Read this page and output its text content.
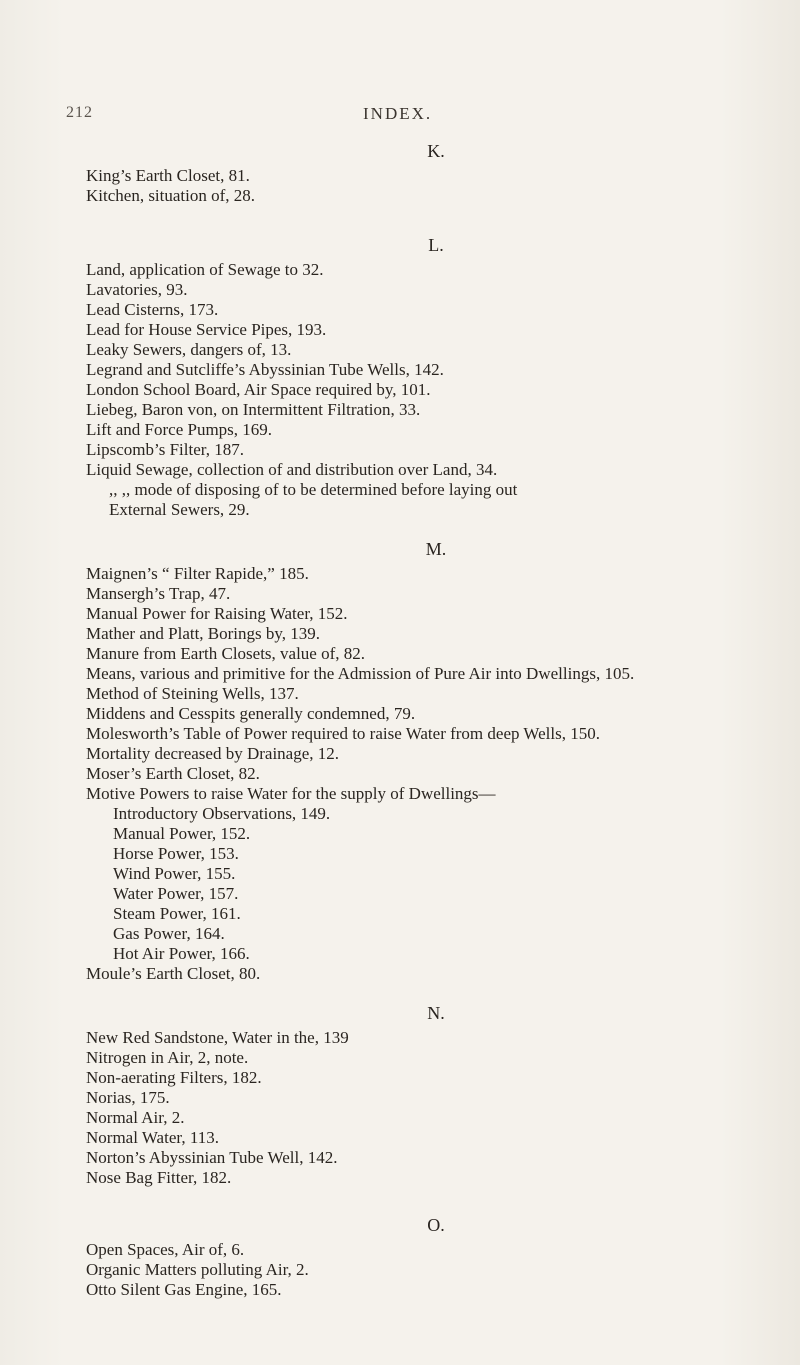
212	INDEX.
K.
King’s Earth Closet, 81.
Kitchen, situation of, 28.
L.
Land, application of Sewage to 32.
Lavatories, 93.
Lead Cisterns, 173.
Lead for House Service Pipes, 193.
Leaky Sewers, dangers of, 13.
Legrand and Sutcliffe’s Abyssinian Tube Wells, 142.
London School Board, Air Space required by, 101.
Liebeg, Baron von, on Intermittent Filtration, 33.
Lift and Force Pumps, 169.
Lipscomb’s Filter, 187.
Liquid Sewage, collection of and distribution over Land, 34.
,, ,, mode of disposing of to be determined before laying out
External Sewers, 29.
M.
Maignen’s “ Filter Rapide,” 185.
Mansergh’s Trap, 47.
Manual Power for Raising Water, 152.
Mather and Platt, Borings by, 139.
Manure from Earth Closets, value of, 82.
Means, various and primitive for the Admission of Pure Air into Dwellings, 105.
Method of Steining Wells, 137.
Middens and Cesspits generally condemned, 79.
Molesworth’s Table of Power required to raise Water from deep Wells, 150.
Mortality decreased by Drainage, 12.
Moser’s Earth Closet, 82.
Motive Powers to raise Water for the supply of Dwellings—
Introductory Observations, 149.
Manual Power, 152.
Horse Power, 153.
Wind Power, 155.
Water Power, 157.
Steam Power, 161.
Gas Power, 164.
Hot Air Power, 166.
Moule’s Earth Closet, 80.
N.
New Red Sandstone, Water in the, 139
Nitrogen in Air, 2, note.
Non-aerating Filters, 182.
Norias, 175.
Normal Air, 2.
Normal Water, 113.
Norton’s Abyssinian Tube Well, 142.
Nose Bag Fitter, 182.
O.
Open Spaces, Air of, 6.
Organic Matters polluting Air, 2.
Otto Silent Gas Engine, 165.
